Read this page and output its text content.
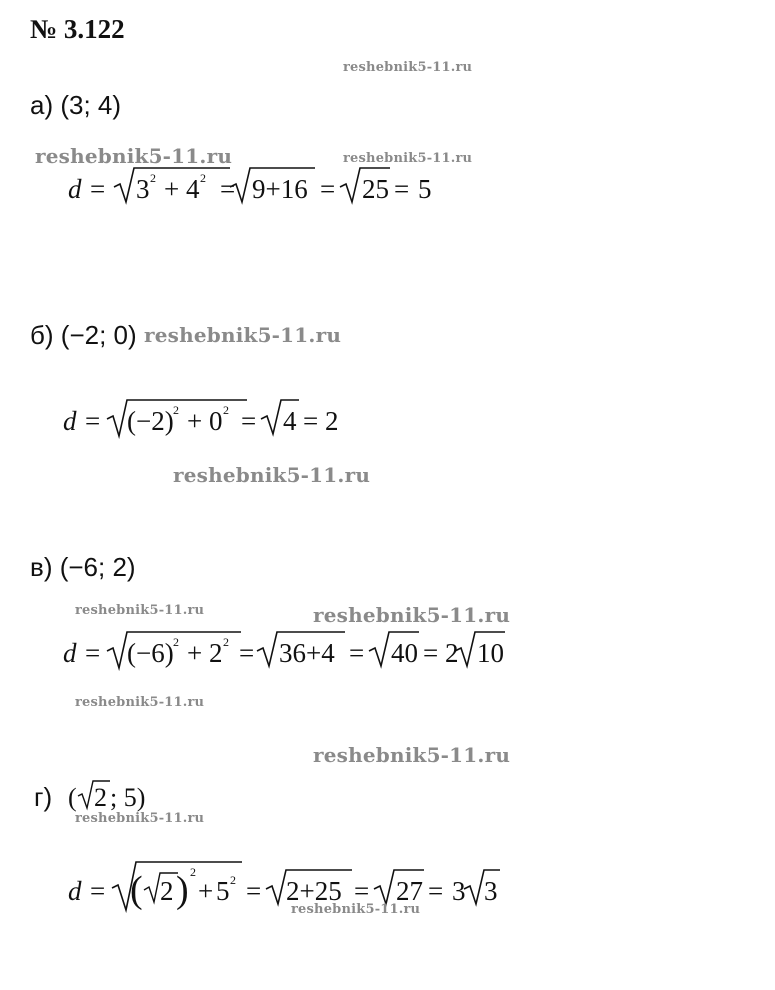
№ 3.122
reshebnik5-11.ru
reshebnik5-11.ru	reshebnik5-11.ru
reshebnik5-11.ru
reshebnik5-11.ru
reshebnik5-11.ru	reshebnik5-11.ru
reshebnik5-11.ru
reshebnik5-11.ru
reshebnik5-11.ru
а) (3; 4)
d = 3 2 + 4 2 = 9+16 = 25 = 5
б) (−2; 0)
d = (−2) 2 + 0 2 = 4 = 2
в) (−6; 2)
d = (−6) 2 + 2 2 = 36+4 = 40 = 2 10
г) ( 2 ; 5)
d = ( 2 ) 2
+ 5 2 = 2+25 = 27 = 3 3
reshebnik5-11.ru
